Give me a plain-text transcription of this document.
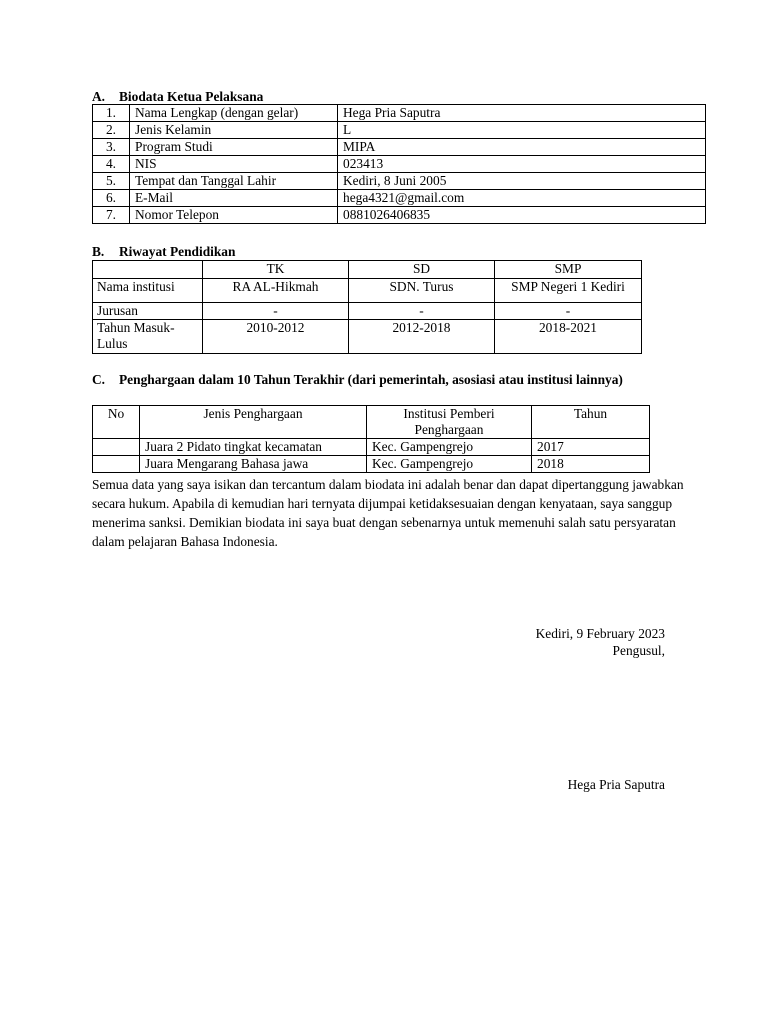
A. Biodata Ketua Pelaksana
1.	Nama Lengkap (dengan gelar)	Hega Pria Saputra
2.	Jenis Kelamin	L
3.	Program Studi	MIPA
4.	NIS	023413
5.	Tempat dan Tanggal Lahir	Kediri, 8 Juni 2005
6.	E-Mail	hega4321@gmail.com
7.	Nomor Telepon	0881026406835
B. Riwayat Pendidikan
	TK	SD	SMP
Nama institusi	RA AL-Hikmah	SDN. Turus	SMP Negeri 1 Kediri
Jurusan	-	-	-
Tahun Masuk-Lulus	2010-2012	2012-2018	2018-2021
C.	Penghargaan dalam 10 Tahun Terakhir (dari pemerintah, asosiasi atau institusi lainnya)
No	Jenis Penghargaan	Institusi Pemberi Penghargaan	Tahun
	Juara 2 Pidato tingkat kecamatan	Kec. Gampengrejo	2017
	Juara Mengarang Bahasa jawa	Kec. Gampengrejo	2018
Semua data yang saya isikan dan tercantum dalam biodata ini adalah benar dan dapat dipertanggung jawabkan secara hukum. Apabila di kemudian hari ternyata dijumpai ketidaksesuaian dengan kenyataan, saya sanggup menerima sanksi. Demikian biodata ini saya buat dengan sebenarnya untuk memenuhi salah satu persyaratan dalam pelajaran Bahasa Indonesia.
Kediri, 9 February 2023
Pengusul,
Hega Pria Saputra
